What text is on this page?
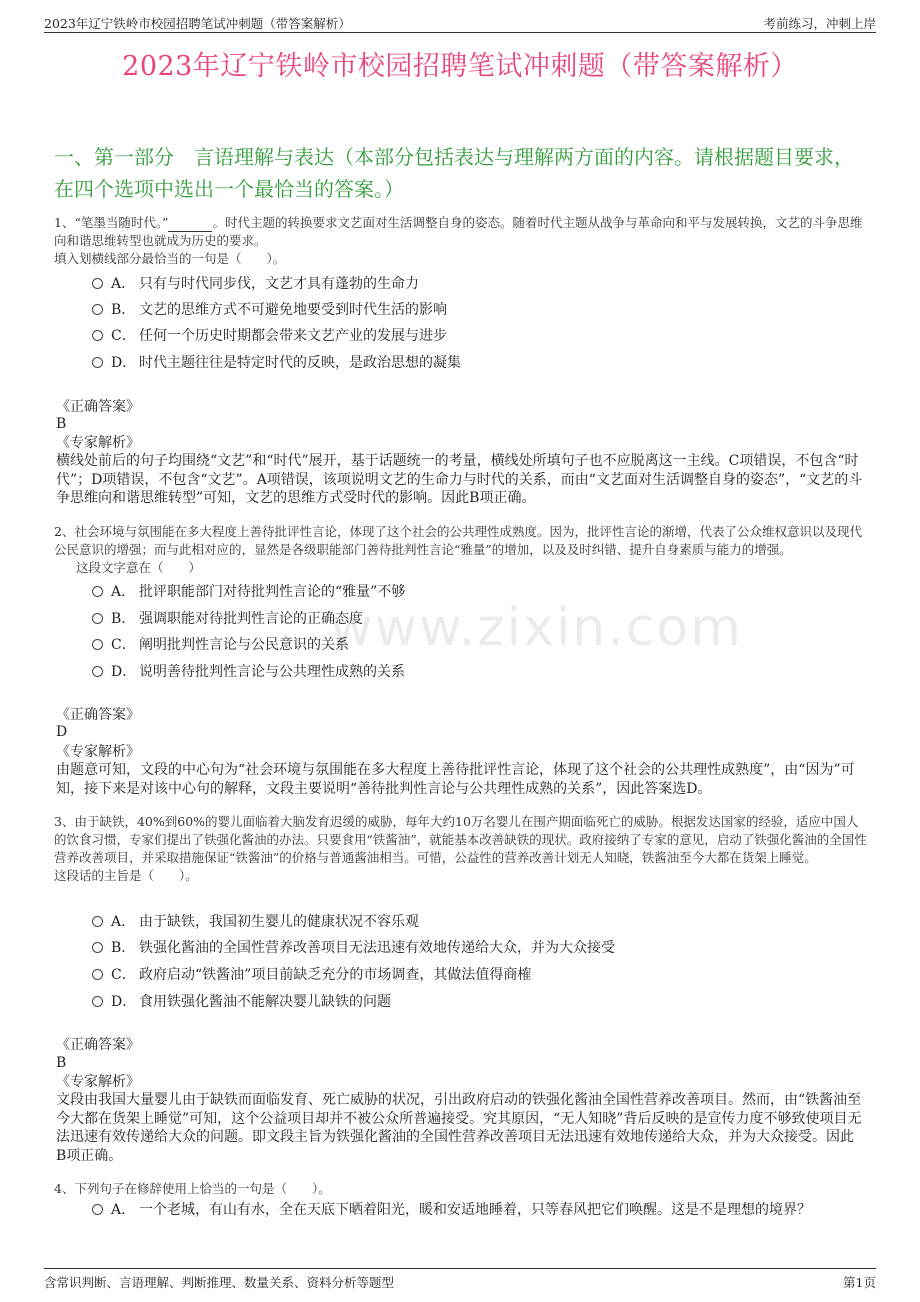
2023年辽宁铁岭市校园招聘笔试冲刺题（带答案解析）	考前练习，冲刺上岸
2023年辽宁铁岭市校园招聘笔试冲刺题（带答案解析）
一、第一部分　言语理解与表达（本部分包括表达与理解两方面的内容。请根据题目要求，在四个选项中选出一个最恰当的答案。）
www.zixin.com

1、“笔墨当随时代。”	。时代主题的转换要求文艺面对生活调整自身的姿态。随着时代主题从战争与革命向和平与发展转换，文艺的斗争思维向和谐思维转型也就成为历史的要求。

填入划横线部分最恰当的一句是（　　）。

A． 只有与时代同步伐，文艺才具有蓬勃的生命力
B． 文艺的思维方式不可避免地要受到时代生活的影响
C． 任何一个历史时期都会带来文艺产业的发展与进步
D． 时代主题往往是特定时代的反映，是政治思想的凝集
《正确答案》
B
《专家解析》
横线处前后的句子均围绕“文艺”和“时代”展开，基于话题统一的考量，横线处所填句子也不应脱离这一主线。C项错误，不包含“时代”；D项错误，不包含“文艺”。A项错误，该项说明文艺的生命力与时代的关系，而由“文艺面对生活调整自身的姿态”，“文艺的斗争思维向和谐思维转型”可知，文艺的思维方式受时代的影响。因此B项正确。

2、社会环境与氛围能在多大程度上善待批评性言论，体现了这个社会的公共理性成熟度。因为，批评性言论的渐增，代表了公众维权意识以及现代公民意识的增强；而与此相对应的，显然是各级职能部门善待批判性言论“雅量”的增加，以及及时纠错、提升自身素质与能力的增强。

这段文字意在（　　）

A． 批评职能部门对待批判性言论的“雅量”不够
B． 强调职能对待批判性言论的正确态度
C． 阐明批判性言论与公民意识的关系
D． 说明善待批判性言论与公共理性成熟的关系
《正确答案》
D
《专家解析》
由题意可知，文段的中心句为“社会环境与氛围能在多大程度上善待批评性言论，体现了这个社会的公共理性成熟度”，由“因为”可知，接下来是对该中心句的解释，文段主要说明“善待批判性言论与公共理性成熟的关系”，因此答案选D。

3、由于缺铁，40%到60%的婴儿面临着大脑发育迟缓的威胁，每年大约10万名婴儿在围产期面临死亡的威胁。根据发达国家的经验，适应中国人的饮食习惯，专家们提出了铁强化酱油的办法。只要食用“铁酱油”，就能基本改善缺铁的现状。政府接纳了专家的意见，启动了铁强化酱油的全国性营养改善项目，并采取措施保证“铁酱油”的价格与普通酱油相当。可惜，公益性的营养改善计划无人知晓，铁酱油至今大都在货架上睡觉。

这段话的主旨是（　　）。

A． 由于缺铁，我国初生婴儿的健康状况不容乐观
B． 铁强化酱油的全国性营养改善项目无法迅速有效地传递给大众，并为大众接受
C． 政府启动“铁酱油”项目前缺乏充分的市场调查，其做法值得商榷
D． 食用铁强化酱油不能解决婴儿缺铁的问题
《正确答案》
B
《专家解析》
文段由我国大量婴儿由于缺铁而面临发育、死亡威胁的状况，引出政府启动的铁强化酱油全国性营养改善项目。然而，由“铁酱油至今大都在货架上睡觉”可知，这个公益项目却并不被公众所普遍接受。究其原因，“无人知晓”背后反映的是宣传力度不够致使项目无法迅速有效传递给大众的问题。即文段主旨为铁强化酱油的全国性营养改善项目无法迅速有效地传递给大众，并为大众接受。因此B项正确。

4、下列句子在修辞使用上恰当的一句是（　　）。

A． 一个老城，有山有水，全在天底下晒着阳光，暖和安适地睡着，只等春风把它们唤醒。这是不是理想的境界？
含常识判断、言语理解、判断推理、数量关系、资料分析等题型	第1页
